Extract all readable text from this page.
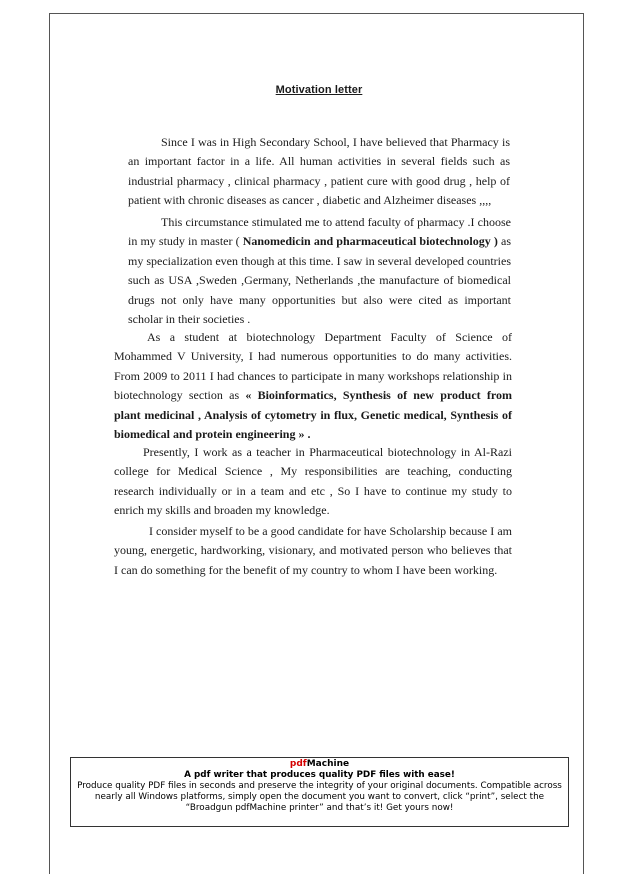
Motivation letter

Since I was in High Secondary School, I have believed that Pharmacy is an important factor in a life. All human activities in several fields such as industrial pharmacy , clinical pharmacy , patient cure with good drug , help of patient with chronic diseases as cancer , diabetic and Alzheimer diseases ,,,,

This circumstance stimulated me to attend faculty of pharmacy .I choose in my study in master ( Nanomedicin and pharmaceutical biotechnology ) as my specialization even though at this time. I saw in several developed countries such as USA ,Sweden ,Germany, Netherlands ,the manufacture of biomedical drugs not only have many opportunities but also were cited as important scholar in their societies .

As a student at biotechnology Department Faculty of Science of Mohammed V University, I had numerous opportunities to do many activities. From 2009 to 2011 I had chances to participate in many workshops relationship in biotechnology section as « Bioinformatics, Synthesis of new product from plant medicinal , Analysis of cytometry in flux, Genetic medical, Synthesis of biomedical and protein engineering » .

Presently, I work as a teacher in Pharmaceutical biotechnology in Al-Razi college for Medical Science , My responsibilities are teaching, conducting research individually or in a team and etc , So I have to continue my study to enrich my skills and broaden my knowledge.

I consider myself to be a good candidate for have Scholarship because I am young, energetic, hardworking, visionary, and motivated person who believes that I can do something for the benefit of my country to whom I have been working.

pdfMachine
A pdf writer that produces quality PDF files with ease!
Produce quality PDF files in seconds and preserve the integrity of your original documents. Compatible across
nearly all Windows platforms, simply open the document you want to convert, click “print”, select the
“Broadgun pdfMachine printer” and that’s it! Get yours now!
